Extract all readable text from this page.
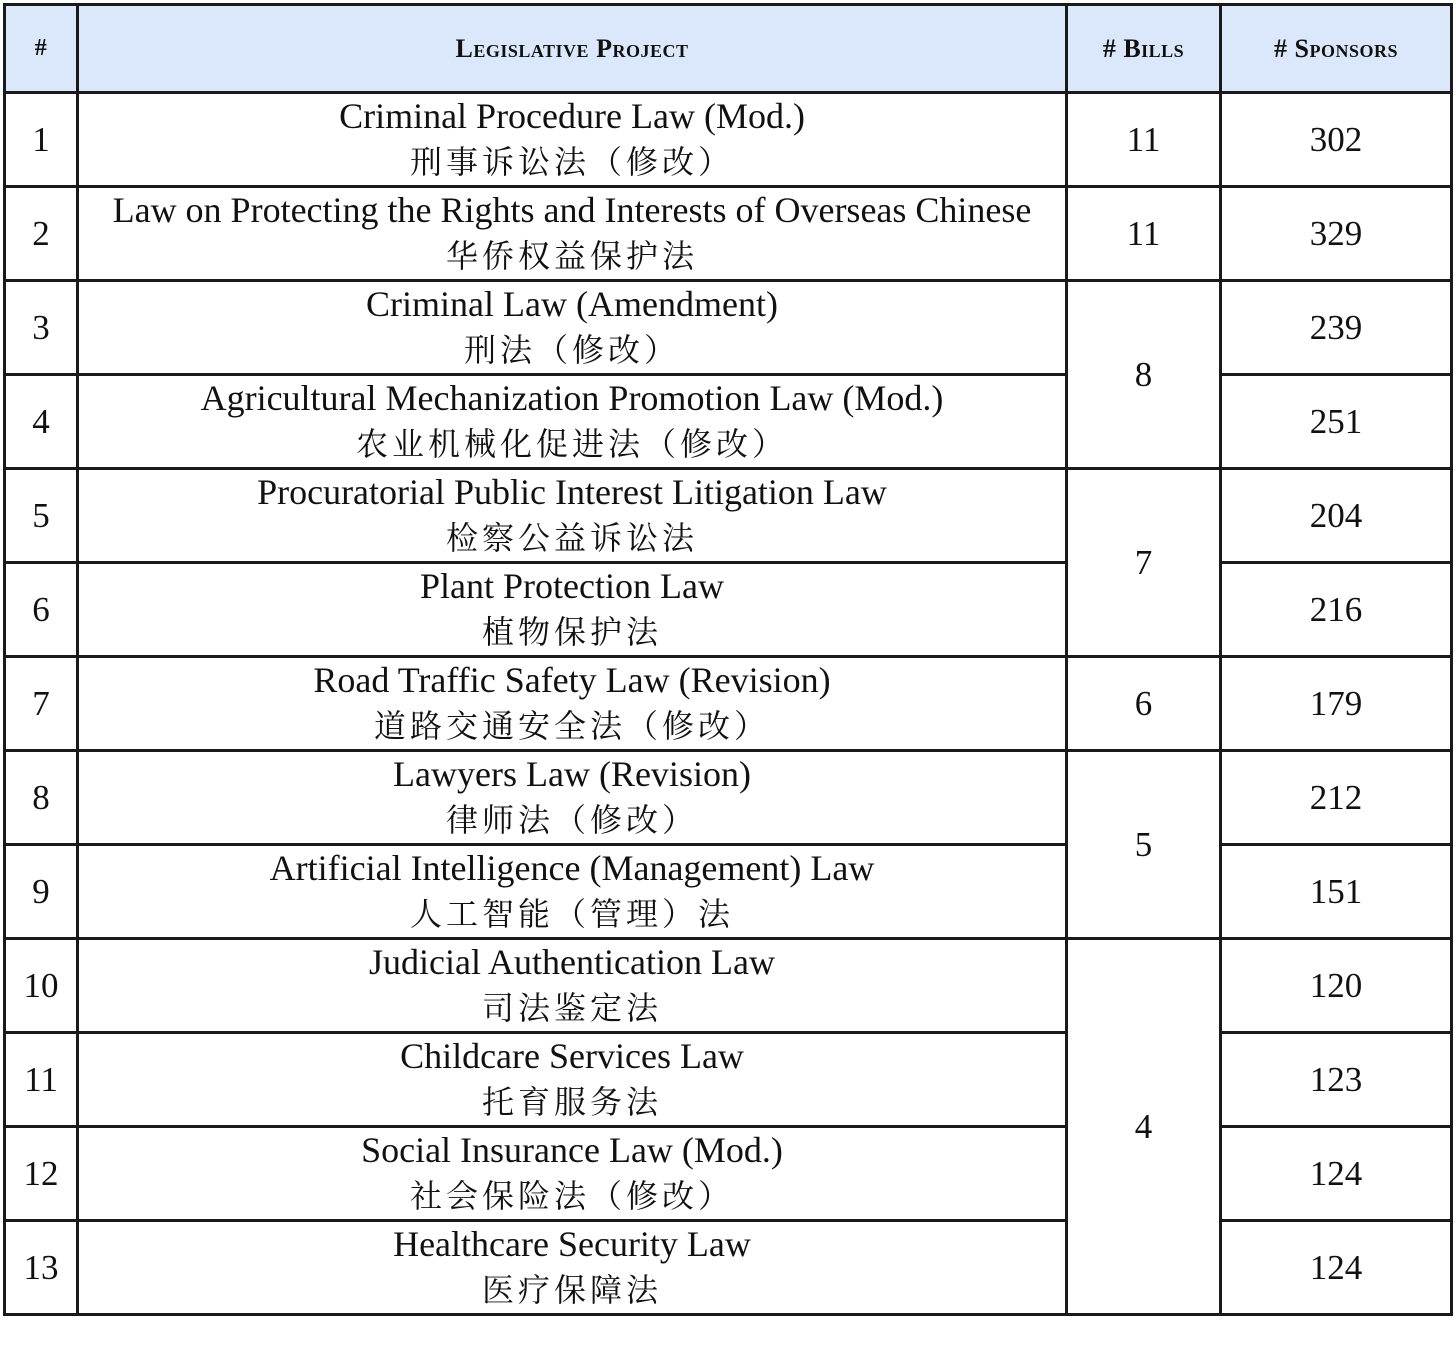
#	Legislative Project	# Bills	# Sponsors
1	Criminal Procedure Law (Mod.)
刑事诉讼法（修改）	11	302
2	Law on Protecting the Rights and Interests of Overseas Chinese
华侨权益保护法	11	329
3	Criminal Law (Amendment)
刑法（修改）	8	239
4	Agricultural Mechanization Promotion Law (Mod.)
农业机械化促进法（修改）		251
5	Procuratorial Public Interest Litigation Law
检察公益诉讼法	7	204
6	Plant Protection Law
植物保护法		216
7	Road Traffic Safety Law (Revision)
道路交通安全法（修改）	6	179
8	Lawyers Law (Revision)
律师法（修改）	5	212
9	Artificial Intelligence (Management) Law
人工智能（管理）法		151
10	Judicial Authentication Law
司法鉴定法	4	120
11	Childcare Services Law
托育服务法		123
12	Social Insurance Law (Mod.)
社会保险法（修改）		124
13	Healthcare Security Law
医疗保障法		124
